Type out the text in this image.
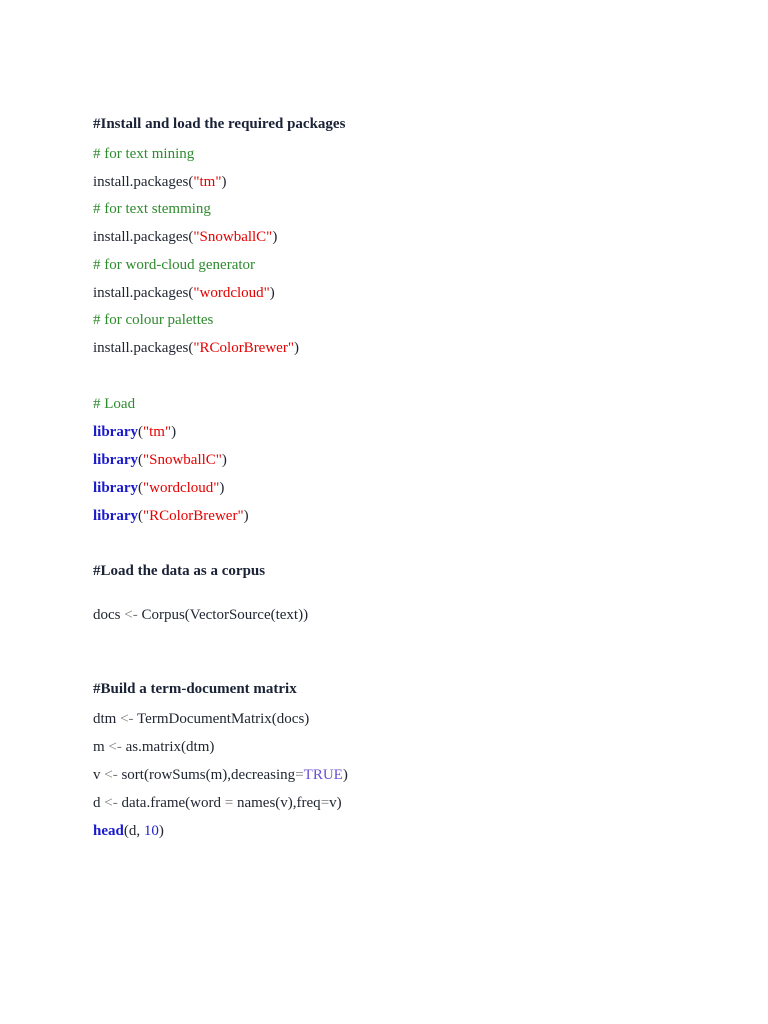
#Install and load the required packages
# for text mining
install.packages("tm")
# for text stemming
install.packages("SnowballC")
# for word-cloud generator
install.packages("wordcloud")
# for colour palettes
install.packages("RColorBrewer")
# Load
library("tm")
library("SnowballC")
library("wordcloud")
library("RColorBrewer")
#Load the data as a corpus
docs <- Corpus(VectorSource(text))
#Build a term-document matrix
dtm <- TermDocumentMatrix(docs)
m <- as.matrix(dtm)
v <- sort(rowSums(m),decreasing=TRUE)
d <- data.frame(word = names(v),freq=v)
head(d, 10)
